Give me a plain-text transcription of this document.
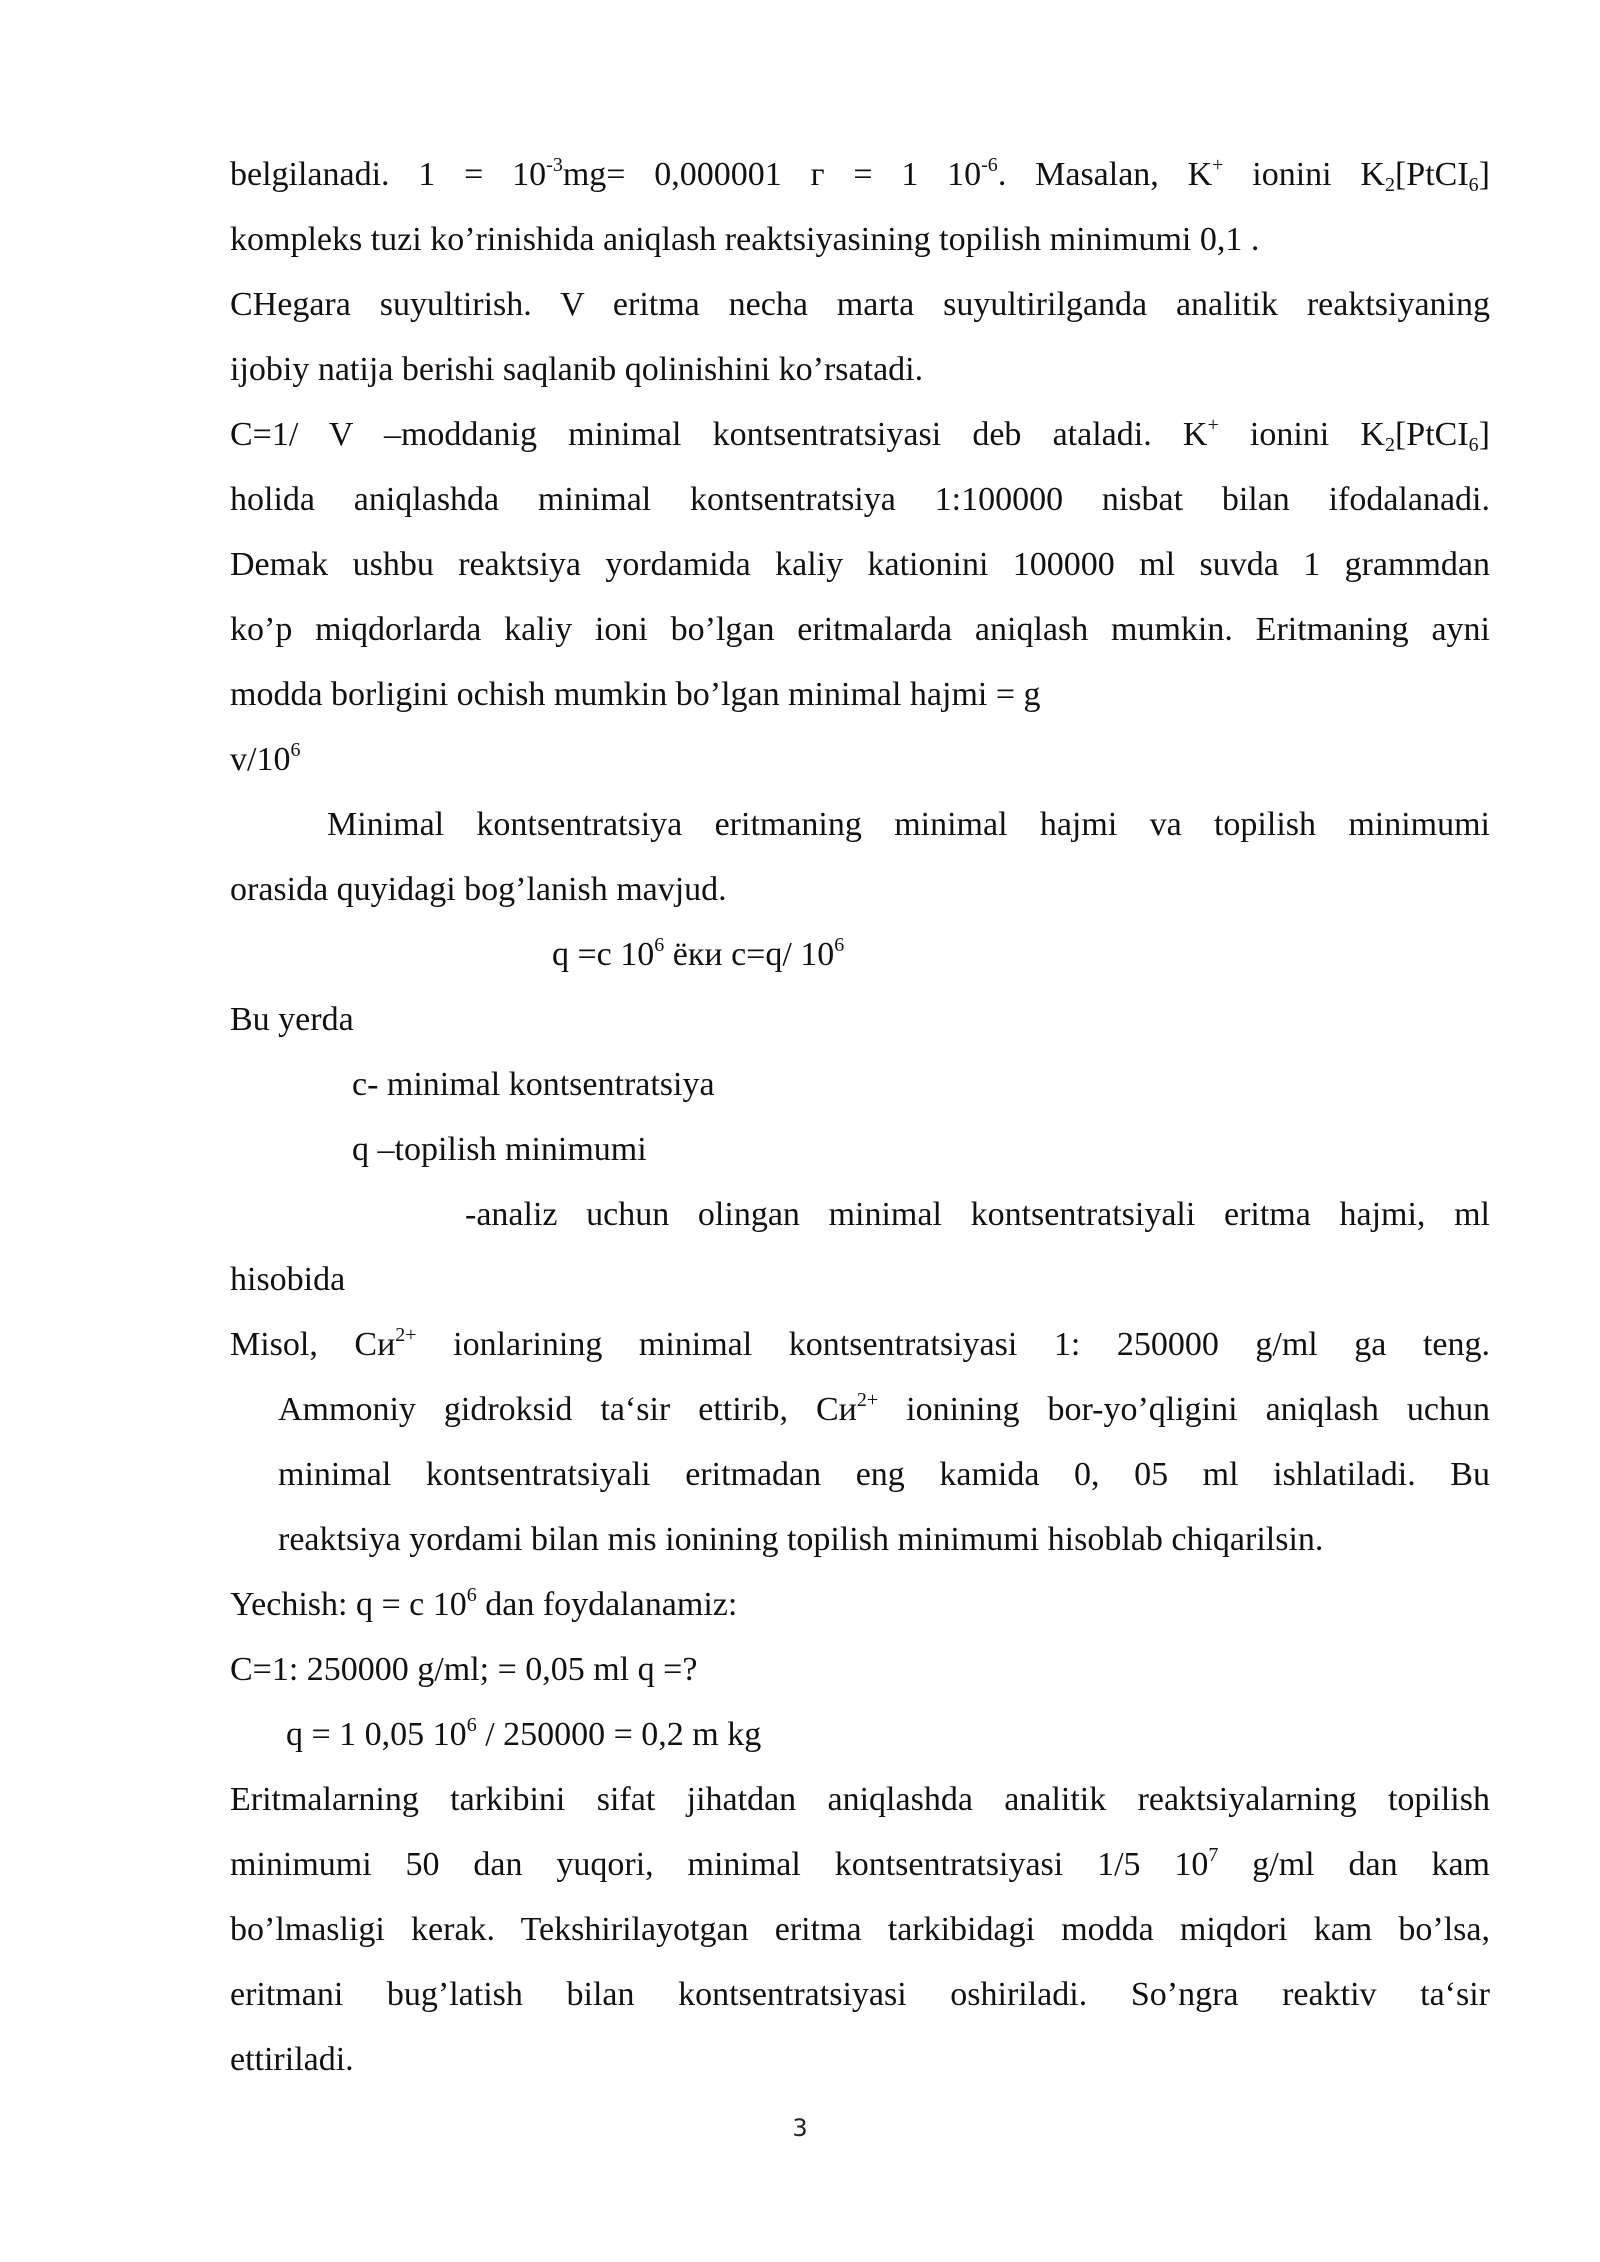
belgilanadi. $1 = 10^{-3}mg= 0,000001$ г = 1 $10^{-6}$. Masalan, K+ ionini $K_2[PtCI_6]$
kompleks tuzi ko’rinishida aniqlash reaktsiyasining topilish minimumi 0,1 .
CHegara suyultirish. V eritma necha marta suyultirilganda analitik reaktsiyaning
ijobiy natija berishi saqlanib qolinishini ko’rsatadi.
C=1/ V –moddanig minimal kontsentratsiyasi deb ataladi. K+ ionini $K_2[PtCI_6]$
holida aniqlashda minimal kontsentratsiya 1:100000 nisbat bilan ifodalanadi.
Demak ushbu reaktsiya yordamida kaliy kationini 100000 ml suvda 1 grammdan
ko’p miqdorlarda kaliy ioni bo’lgan eritmalarda aniqlash mumkin. Eritmaning ayni
modda borligini ochish mumkin bo’lgan minimal hajmi = g
$v/10^6$
Minimal kontsentratsiya eritmaning minimal hajmi va topilish minimumi
orasida quyidagi bog’lanish mavjud.
q =c $10^6$ ёки c=q/ $10^6$
Bu yerda
c- minimal kontsentratsiya
q –topilish minimumi
-analiz uchun olingan minimal kontsentratsiyali eritma hajmi, ml
hisobida
Misol, $Cи^{2+}$ ionlarining minimal kontsentratsiyasi 1: 250000 g/ml ga teng.
Ammoniy gidroksid ta‘sir ettirib, $Cи^{2+}$ ionining bor-yo’qligini aniqlash uchun
minimal kontsentratsiyali eritmadan eng kamida 0, 05 ml ishlatiladi. Bu
reaktsiya yordami bilan mis ionining topilish minimumi hisoblab chiqarilsin.
Yechish: q = c $10^6$ dan foydalanamiz:
C=1: 250000 g/ml; = 0,05 ml q =?
q = 1 0,05 $10^6 / 250000 = 0,2$ m kg
Eritmalarning tarkibini sifat jihatdan aniqlashda analitik reaktsiyalarning topilish
minimumi 50 dan yuqori, minimal kontsentratsiyasi 1/5 $10^7$ g/ml dan kam
bo’lmasligi kerak. Tekshirilayotgan eritma tarkibidagi modda miqdori kam bo’lsa,
eritmani bug’latish bilan kontsentratsiyasi oshiriladi. So’ngra reaktiv ta‘sir
ettiriladi.
3
